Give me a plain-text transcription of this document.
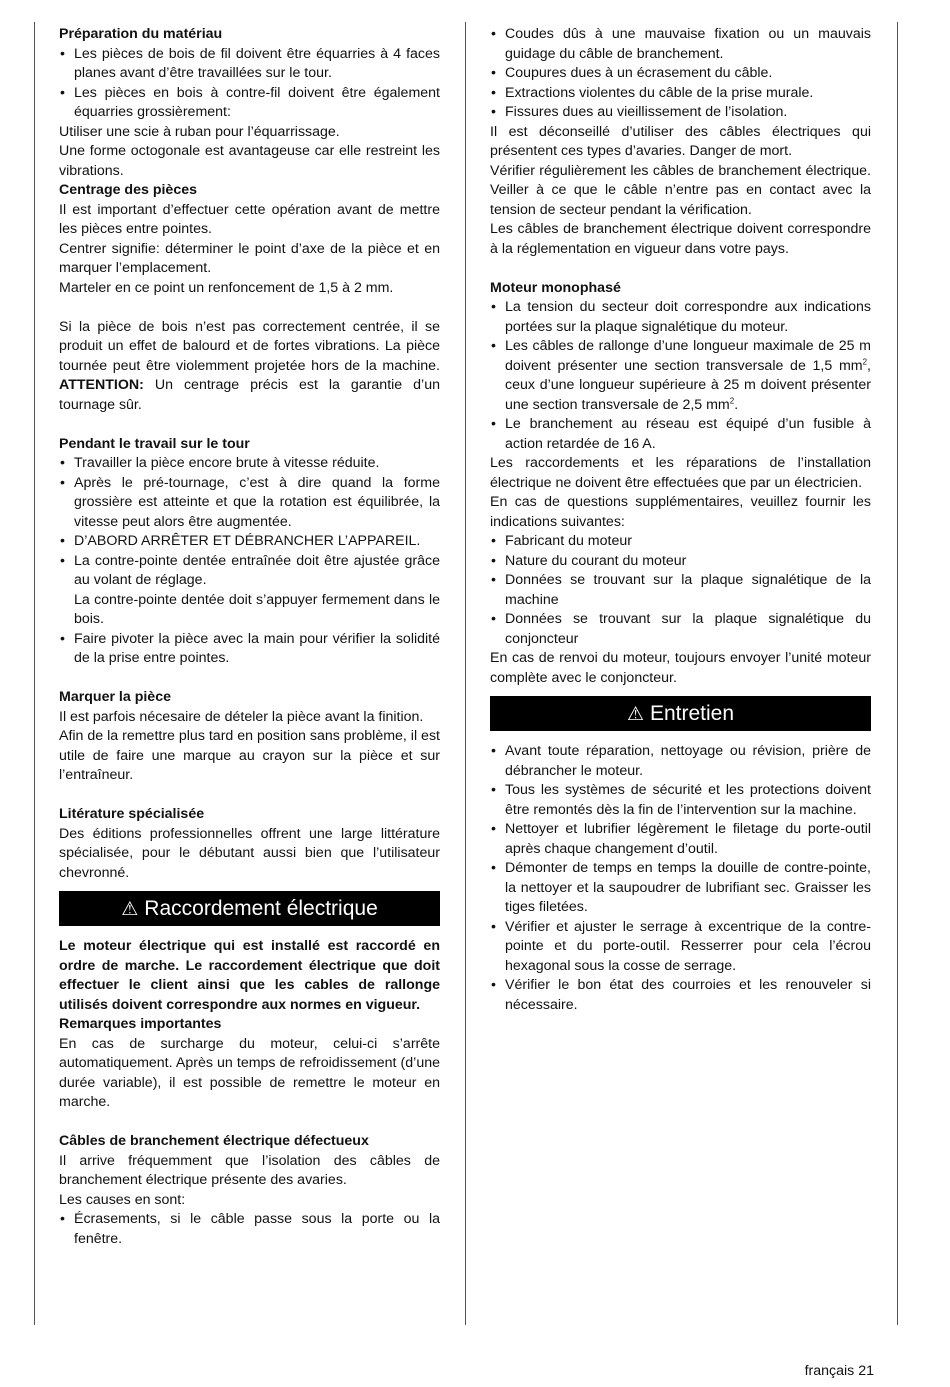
Préparation du matériau
• Les pièces de bois de fil doivent être équarries à 4 faces planes avant d’être travaillées sur le tour.
• Les pièces en bois à contre-fil doivent être également équarries grossièrement:

Utiliser une scie à ruban pour l’équarrissage.

Une forme octogonale est avantageuse car elle restreint les vibrations.

Centrage des pièces

Il est important d’effectuer cette opération avant de mettre les pièces entre pointes.

Centrer signifie: déterminer le point d’axe de la pièce et en marquer l’emplacement.

Marteler en ce point un renfoncement de 1,5 à 2 mm.

Si la pièce de bois n’est pas correctement centrée, il se produit un effet de balourd et de fortes vibrations. La pièce tournée peut être violemment projetée hors de la machine. ATTENTION: Un centrage précis est la garantie d’un tournage sûr.

Pendant le travail sur le tour
• Travailler la pièce encore brute à vitesse réduite.
• Après le pré-tournage, c’est à dire quand la forme grossière est atteinte et que la rotation est équilibrée, la vitesse peut alors être augmentée.
• D’ABORD ARRÊTER ET DÉBRANCHER L’APPAREIL.
• La contre-pointe dentée entraînée doit être ajustée grâce au volant de réglage.
La contre-pointe dentée doit s’appuyer fermement dans le bois.
• Faire pivoter la pièce avec la main pour vérifier la solidité de la prise entre pointes.
Marquer la pièce

Il est parfois nécesaire de dételer la pièce avant la finition.

Afin de la remettre plus tard en position sans problème, il est utile de faire une marque au crayon sur la pièce et sur l’entraîneur.

Litérature spécialisée

Des éditions professionnelles offrent une large littérature spécialisée, pour le débutant aussi bien que l’utilisateur chevronné.

⚠ Raccordement électrique

Le moteur électrique qui est installé est raccordé en ordre de marche. Le raccordement électrique que doit effectuer le client ainsi que les cables de rallonge utilisés doivent correspondre aux normes en vigueur.

Remarques importantes

En cas de surcharge du moteur, celui-ci s’arrête automatiquement. Après un temps de refroidissement (d’une durée variable), il est possible de remettre le moteur en marche.

Câbles de branchement électrique défectueux

Il arrive fréquemment que l’isolation des câbles de branchement électrique présente des avaries.

Les causes en sont:

• Écrasements, si le câble passe sous la porte ou la fenêtre.
• Coudes dûs à une mauvaise fixation ou un mauvais guidage du câble de branchement.
• Coupures dues à un écrasement du câble.
• Extractions violentes du câble de la prise murale.
• Fissures dues au vieillissement de l’isolation.

Il est déconseillé d’utiliser des câbles électriques qui présentent ces types d’avaries. Danger de mort.

Vérifier régulièrement les câbles de branchement électrique. Veiller à ce que le câble n’entre pas en contact avec la tension de secteur pendant la vérification.

Les câbles de branchement électrique doivent correspondre à la réglementation en vigueur dans votre pays.

Moteur monophasé
• La tension du secteur doit correspondre aux indications portées sur la plaque signalétique du moteur.
• Les câbles de rallonge d’une longueur maximale de 25 m doivent présenter une section transversale de 1,5 $mm^2$, ceux d’une longueur supérieure à 25 m doivent présenter une section transversale de 2,5 $mm^2$.
• Le branchement au réseau est équipé d’un fusible à action retardée de 16 A.

Les raccordements et les réparations de l’installation électrique ne doivent être effectuées que par un électricien.

En cas de questions supplémentaires, veuillez fournir les indications suivantes:

• Fabricant du moteur
• Nature du courant du moteur
• Données se trouvant sur la plaque signalétique de la machine
• Données se trouvant sur la plaque signalétique du conjoncteur

En cas de renvoi du moteur, toujours envoyer l’unité moteur complète avec le conjoncteur.

⚠ Entretien
• Avant toute réparation, nettoyage ou révision, prière de débrancher le moteur.
• Tous les systèmes de sécurité et les protections doivent être remontés dès la fin de l’intervention sur la machine.
• Nettoyer et lubrifier légèrement le filetage du porte-outil après chaque changement d’outil.
• Démonter de temps en temps la douille de contre-pointe, la nettoyer et la saupoudrer de lubrifiant sec. Graisser les tiges filetées.
• Vérifier et ajuster le serrage à excentrique de la contre-pointe et du porte-outil. Resserrer pour cela l’écrou hexagonal sous la cosse de serrage.
• Vérifier le bon état des courroies et les renouveler si nécessaire.
français 21
